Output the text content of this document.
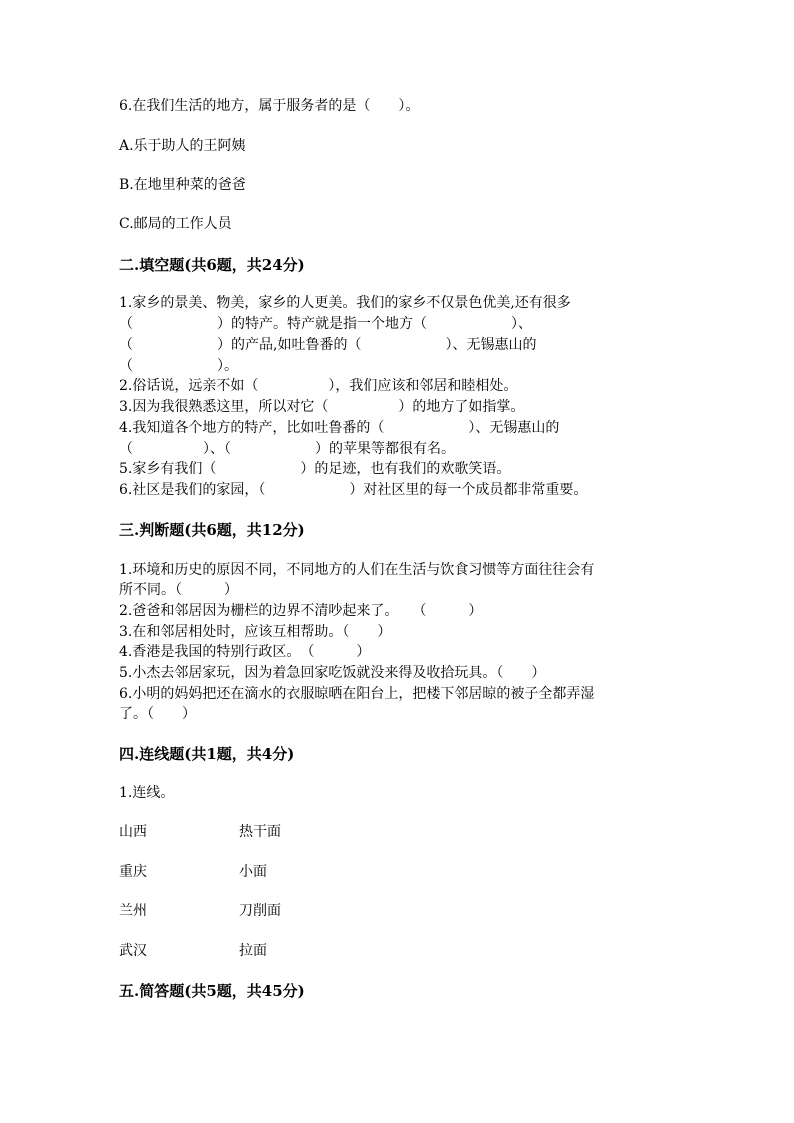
6.在我们生活的地方，属于服务者的是（　　）。
A.乐于助人的王阿姨
B.在地里种菜的爸爸
C.邮局的工作人员
二.填空题(共6题，共24分)
1.家乡的景美、物美，家乡的人更美。我们的家乡不仅景色优美,还有很多
（　　　　　　）的特产。特产就是指一个地方（　　　　　　）、
（　　　　　　）的产品,如吐鲁番的（　　　　　　）、无锡惠山的
（　　　　　　）。
2.俗话说，远亲不如（　　　　　），我们应该和邻居和睦相处。
3.因为我很熟悉这里，所以对它（　　　　　）的地方了如指掌。
4.我知道各个地方的特产，比如吐鲁番的（　　　　　　）、无锡惠山的
（　　　　　）、（　　　　　　）的苹果等都很有名。
5.家乡有我们（　　　　　　）的足迹，也有我们的欢歌笑语。
6.社区是我们的家园，（　　　　　　）对社区里的每一个成员都非常重要。
三.判断题(共6题，共12分)
1.环境和历史的原因不同，不同地方的人们在生活与饮食习惯等方面往往会有
所不同。（　　　）
2.爸爸和邻居因为栅栏的边界不清吵起来了。　　（　　　）
3.在和邻居相处时，应该互相帮助。（　　）
4.香港是我国的特别行政区。　（　　　）
5.小杰去邻居家玩，因为着急回家吃饭就没来得及收拾玩具。（　　）
6.小明的妈妈把还在滴水的衣服晾晒在阳台上，把楼下邻居晾的被子全都弄湿
了。（　　）
四.连线题(共1题，共4分)
1.连线。
山西	热干面
重庆	小面
兰州	刀削面
武汉	拉面
五.简答题(共5题，共45分)
